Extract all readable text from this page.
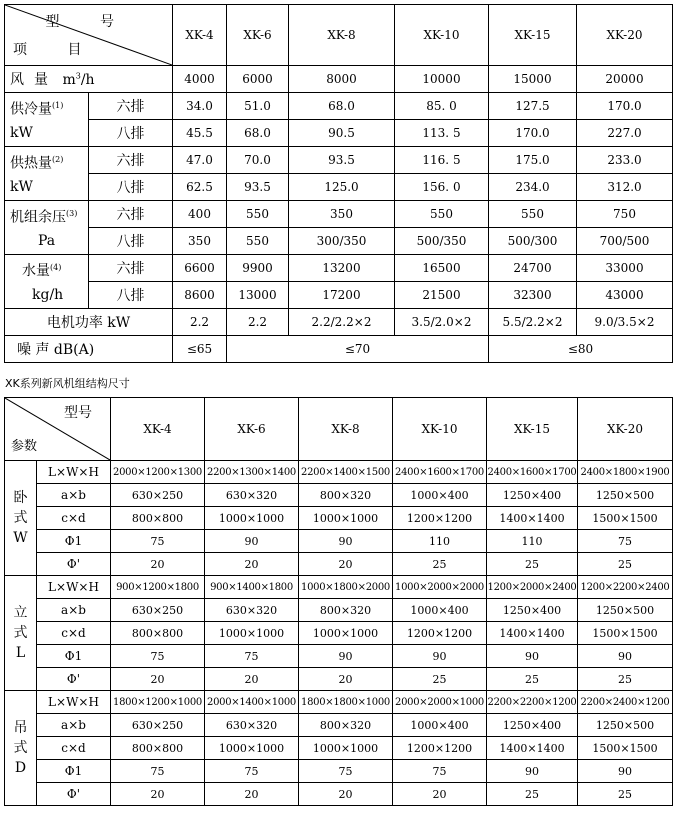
型 号
项 目		XK-4	XK-6	XK-8	XK-10	XK-15	XK-20
风量 $m^3/h$		4000	6000	8000	10000	15000	20000
供冷量$^{(1)}$
kW	六排	34.0	51.0	68.0	85. 0	127.5	170.0
	八排	45.5	68.0	90.5	113. 5	170.0	227.0
供热量$^{(2)}$
kW	六排	47.0	70.0	93.5	116. 5	175.0	233.0
	八排	62.5	93.5	125.0	156. 0	234.0	312.0
机组余压$^{(3)}$
Pa	六排	400	550	350	550	550	750
	八排	350	550	300/350	500/350	500/300	700/500
水量$^{(4)}$
kg/h	六排	6600	9900	13200	16500	24700	33000
	八排	8600	13000	17200	21500	32300	43000
电机功率 kW		2.2	2.2	2.2/2.2×2	3.5/2.0×2	5.5/2.2×2	9.0/3.5×2
噪 声 dB(A)		≤65	≤70			≤80	
XK系列新风机组结构尺寸
型号
参数		XK-4	XK-6	XK-8	XK-10	XK-15	XK-20

卧
式
W	L×W×H	2000×1200×1300	2200×1300×1400	2200×1400×1500	2400×1600×1700	2400×1600×1700	2400×1800×1900
	a×b	630×250	630×320	800×320	1000×400	1250×400	1250×500
	c×d	800×800	1000×1000	1000×1000	1200×1200	1400×1400	1500×1500
	Φ1	75	90	90	110	110	75
	Φ'	20	20	20	25	25	25

立
式
L	L×W×H	900×1200×1800	900×1400×1800	1000×1800×2000	1000×2000×2000	1200×2000×2400	1200×2200×2400
	a×b	630×250	630×320	800×320	1000×400	1250×400	1250×500
	c×d	800×800	1000×1000	1000×1000	1200×1200	1400×1400	1500×1500
	Φ1	75	75	90	90	90	90
	Φ'	20	20	20	25	25	25

吊
式
D	L×W×H	1800×1200×1000	2000×1400×1000	1800×1800×1000	2000×2000×1000	2200×2200×1200	2200×2400×1200
	a×b	630×250	630×320	800×320	1000×400	1250×400	1250×500
	c×d	800×800	1000×1000	1000×1000	1200×1200	1400×1400	1500×1500
	Φ1	75	75	75	75	90	90
	Φ'	20	20	20	20	25	25
